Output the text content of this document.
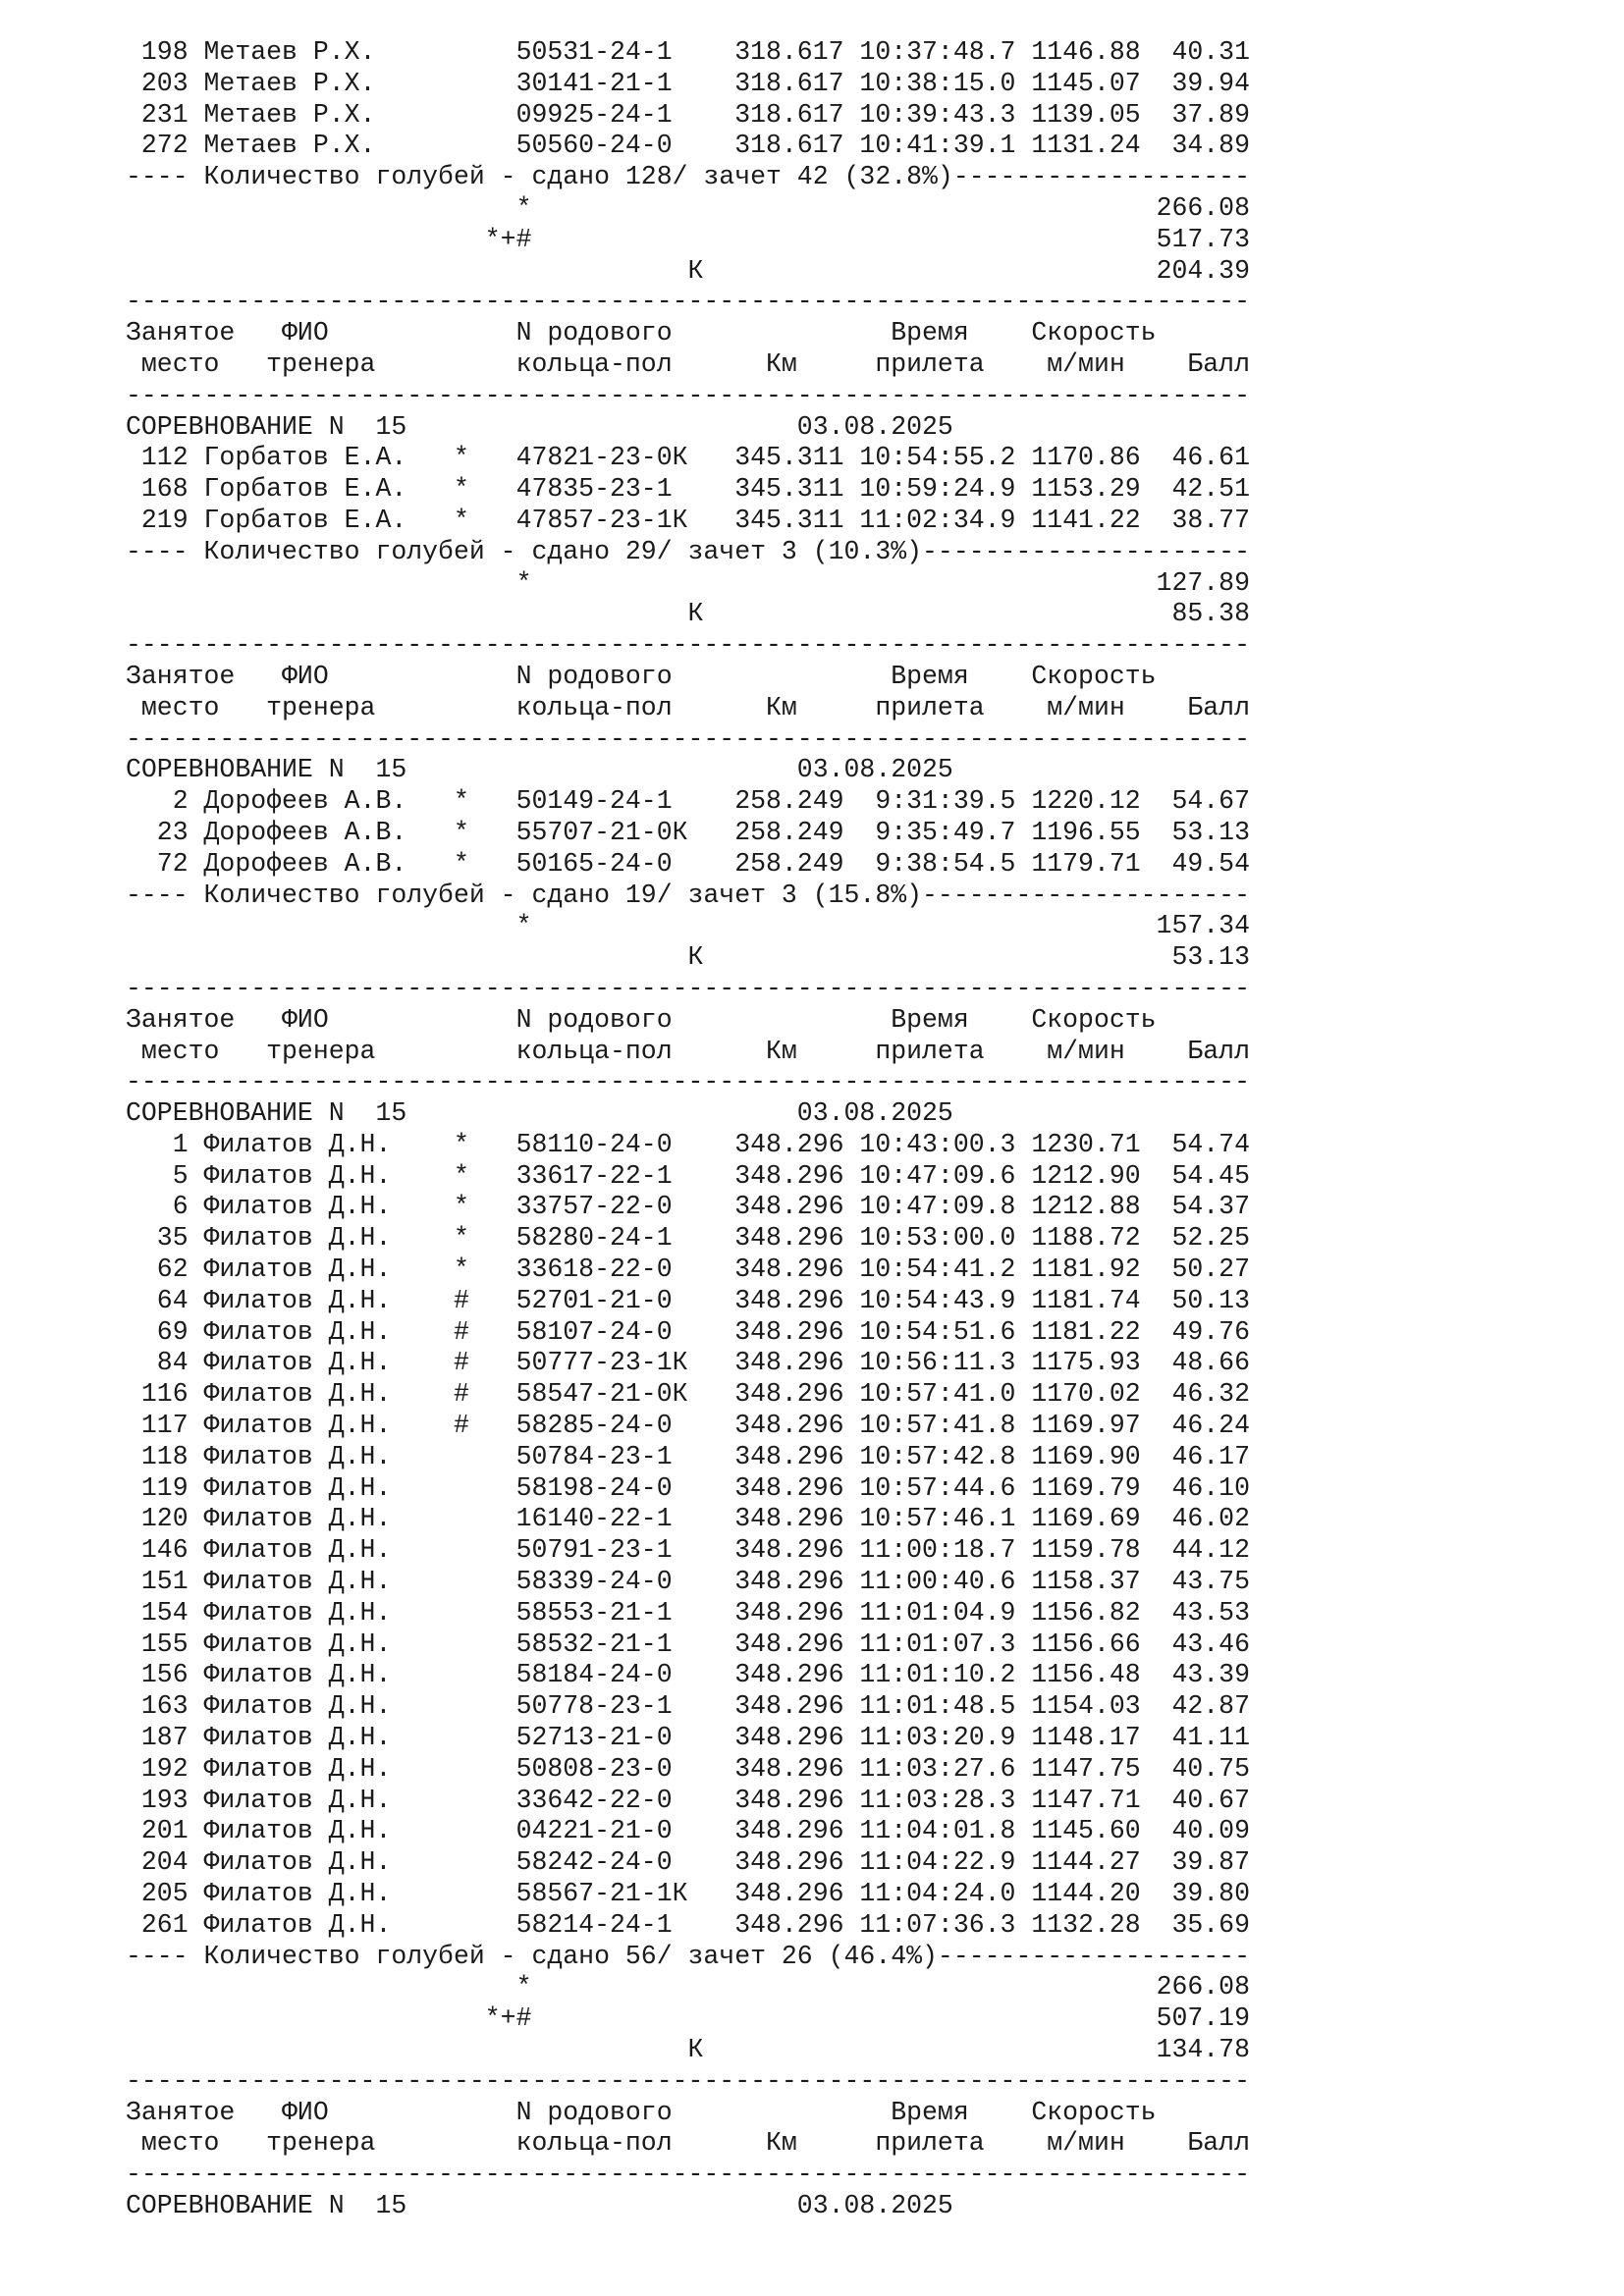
198 Метаев Р.Х.         50531-24-1    318.617 10:37:48.7 1146.88  40.31
203 Метаев Р.Х.         30141-21-1    318.617 10:38:15.0 1145.07  39.94
231 Метаев Р.Х.         09925-24-1    318.617 10:39:43.3 1139.05  37.89
272 Метаев Р.Х.         50560-24-0    318.617 10:41:39.1 1131.24  34.89
---- Количество голубей - сдано 128/ зачет 42 (32.8%)-------------------
*                                        266.08
*+#                                        517.73
К                             204.39
------------------------------------------------------------------------
Занятое   ФИО            N родового              Время    Скорость
место   тренера         кольца-пол      Км     прилета    м/мин    Балл
------------------------------------------------------------------------
СОРЕВНОВАНИЕ N  15                         03.08.2025
112 Горбатов Е.А.   *   47821-23-0К   345.311 10:54:55.2 1170.86  46.61
168 Горбатов Е.А.   *   47835-23-1    345.311 10:59:24.9 1153.29  42.51
219 Горбатов Е.А.   *   47857-23-1К   345.311 11:02:34.9 1141.22  38.77
---- Количество голубей - сдано 29/ зачет 3 (10.3%)---------------------
*                                        127.89
К                              85.38
------------------------------------------------------------------------
Занятое   ФИО            N родового              Время    Скорость
место   тренера         кольца-пол      Км     прилета    м/мин    Балл
------------------------------------------------------------------------
СОРЕВНОВАНИЕ N  15                         03.08.2025
2 Дорофеев А.В.   *   50149-24-1    258.249  9:31:39.5 1220.12  54.67
23 Дорофеев А.В.   *   55707-21-0К   258.249  9:35:49.7 1196.55  53.13
72 Дорофеев А.В.   *   50165-24-0    258.249  9:38:54.5 1179.71  49.54
---- Количество голубей - сдано 19/ зачет 3 (15.8%)---------------------
*                                        157.34
К                              53.13
------------------------------------------------------------------------
Занятое   ФИО            N родового              Время    Скорость
место   тренера         кольца-пол      Км     прилета    м/мин    Балл
------------------------------------------------------------------------
СОРЕВНОВАНИЕ N  15                         03.08.2025
1 Филатов Д.Н.    *   58110-24-0    348.296 10:43:00.3 1230.71  54.74
5 Филатов Д.Н.    *   33617-22-1    348.296 10:47:09.6 1212.90  54.45
6 Филатов Д.Н.    *   33757-22-0    348.296 10:47:09.8 1212.88  54.37
35 Филатов Д.Н.    *   58280-24-1    348.296 10:53:00.0 1188.72  52.25
62 Филатов Д.Н.    *   33618-22-0    348.296 10:54:41.2 1181.92  50.27
64 Филатов Д.Н.    #   52701-21-0    348.296 10:54:43.9 1181.74  50.13
69 Филатов Д.Н.    #   58107-24-0    348.296 10:54:51.6 1181.22  49.76
84 Филатов Д.Н.    #   50777-23-1К   348.296 10:56:11.3 1175.93  48.66
116 Филатов Д.Н.    #   58547-21-0К   348.296 10:57:41.0 1170.02  46.32
117 Филатов Д.Н.    #   58285-24-0    348.296 10:57:41.8 1169.97  46.24
118 Филатов Д.Н.        50784-23-1    348.296 10:57:42.8 1169.90  46.17
119 Филатов Д.Н.        58198-24-0    348.296 10:57:44.6 1169.79  46.10
120 Филатов Д.Н.        16140-22-1    348.296 10:57:46.1 1169.69  46.02
146 Филатов Д.Н.        50791-23-1    348.296 11:00:18.7 1159.78  44.12
151 Филатов Д.Н.        58339-24-0    348.296 11:00:40.6 1158.37  43.75
154 Филатов Д.Н.        58553-21-1    348.296 11:01:04.9 1156.82  43.53
155 Филатов Д.Н.        58532-21-1    348.296 11:01:07.3 1156.66  43.46
156 Филатов Д.Н.        58184-24-0    348.296 11:01:10.2 1156.48  43.39
163 Филатов Д.Н.        50778-23-1    348.296 11:01:48.5 1154.03  42.87
187 Филатов Д.Н.        52713-21-0    348.296 11:03:20.9 1148.17  41.11
192 Филатов Д.Н.        50808-23-0    348.296 11:03:27.6 1147.75  40.75
193 Филатов Д.Н.        33642-22-0    348.296 11:03:28.3 1147.71  40.67
201 Филатов Д.Н.        04221-21-0    348.296 11:04:01.8 1145.60  40.09
204 Филатов Д.Н.        58242-24-0    348.296 11:04:22.9 1144.27  39.87
205 Филатов Д.Н.        58567-21-1К   348.296 11:04:24.0 1144.20  39.80
261 Филатов Д.Н.        58214-24-1    348.296 11:07:36.3 1132.28  35.69
---- Количество голубей - сдано 56/ зачет 26 (46.4%)--------------------
*                                        266.08
*+#                                        507.19
К                             134.78
------------------------------------------------------------------------
Занятое   ФИО            N родового              Время    Скорость
место   тренера         кольца-пол      Км     прилета    м/мин    Балл
------------------------------------------------------------------------
СОРЕВНОВАНИЕ N  15                         03.08.2025
